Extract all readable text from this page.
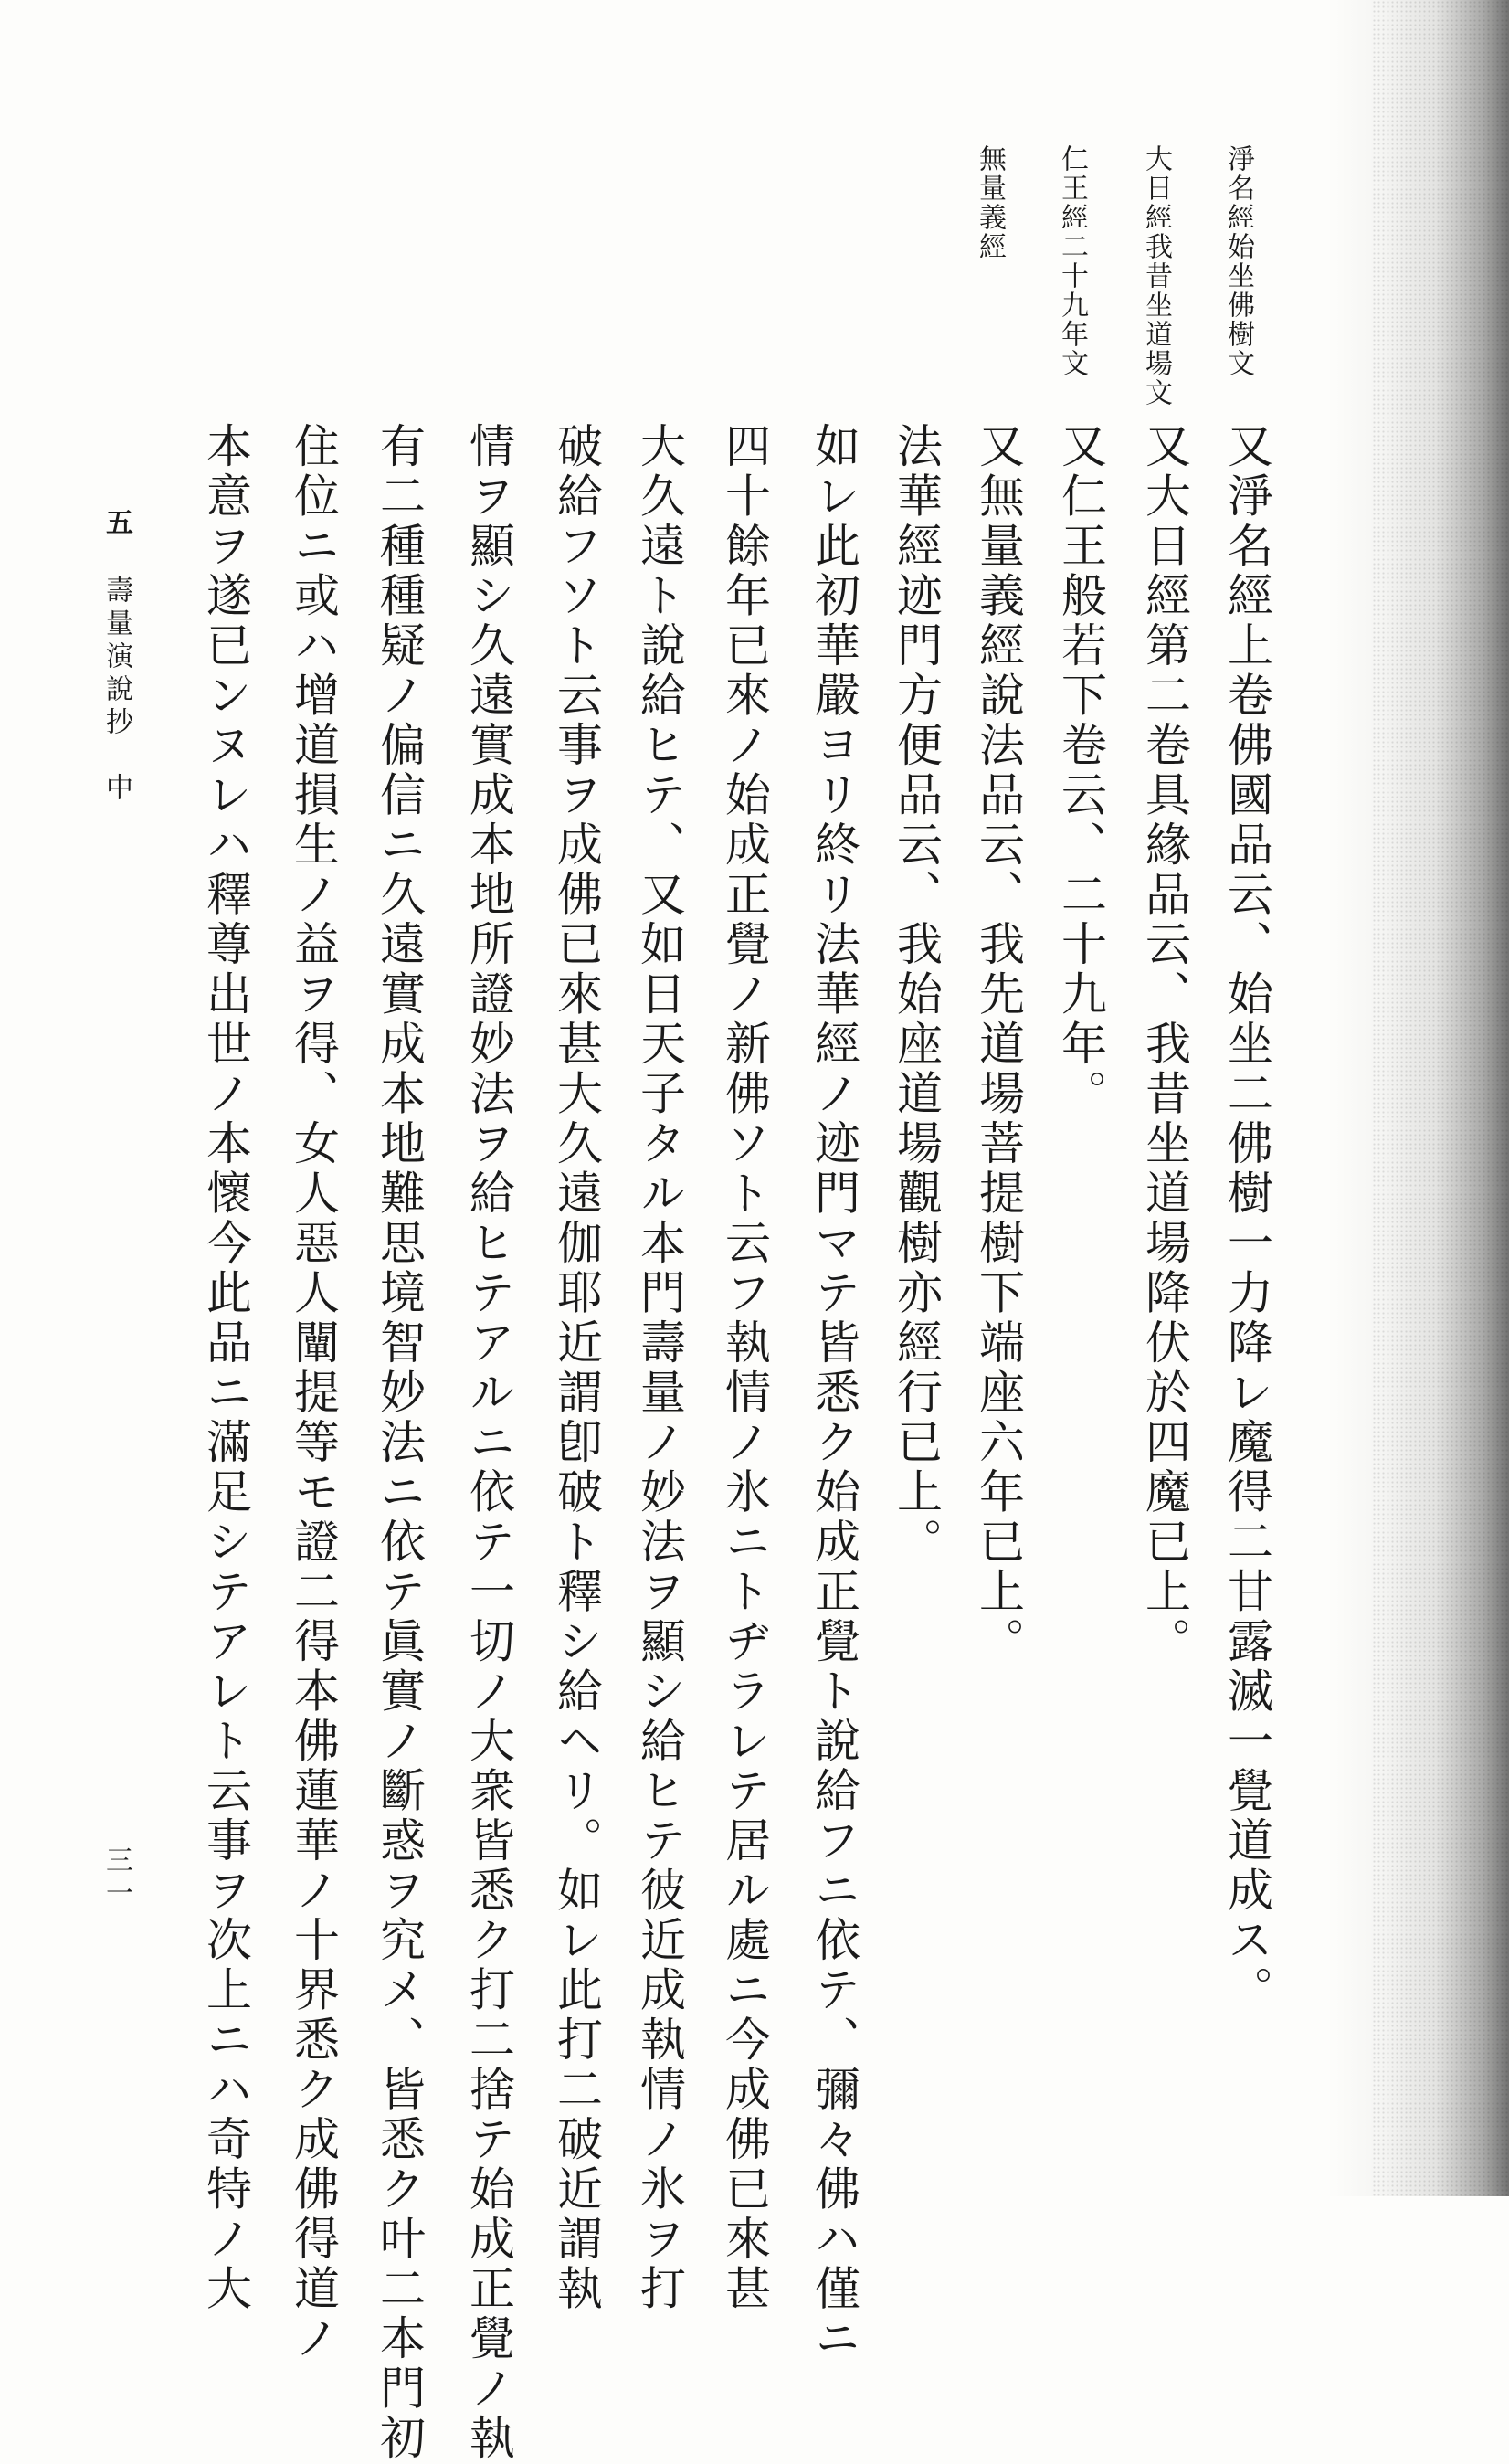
淨名經始坐佛樹文
大日經我昔坐道場文
仁王經二十九年文
無量義經
又淨名經上卷佛國品云、始坐二佛樹一力降レ魔得二甘露滅一覺道成ス。
又大日經第二卷具緣品云、我昔坐道場降伏於四魔已上。
又仁王般若下卷云、二十九年。
又無量義經說法品云、我先道場菩提樹下端座六年已上。
法華經迹門方便品云、我始座道場觀樹亦經行已上。
如レ此初華嚴ヨリ終リ法華經ノ迹門マテ皆悉ク始成正覺ト說給フニ依テ、彌々佛ハ僅ニ
四十餘年已來ノ始成正覺ノ新佛ソト云フ執情ノ氷ニトヂラレテ居ル處ニ今成佛已來甚
大久遠ト說給ヒテ、又如日天子タル本門壽量ノ妙法ヲ顯シ給ヒテ彼近成執情ノ氷ヲ打
破給フソト云事ヲ成佛已來甚大久遠伽耶近謂卽破ト釋シ給ヘリ。如レ此打二破近謂執
情ヲ顯シ久遠實成本地所證妙法ヲ給ヒテアルニ依テ一切ノ大衆皆悉ク打二捨テ始成正覺ノ執
有二種種疑ノ偏信ニ久遠實成本地難思境智妙法ニ依テ眞實ノ斷惑ヲ究メ、皆悉ク叶二本門初
住位ニ或ハ增道損生ノ益ヲ得、女人惡人闡提等モ證二得本佛蓮華ノ十界悉ク成佛得道ノ
本意ヲ遂已ンヌレハ釋尊出世ノ本懷今此品ニ滿足シテアレト云事ヲ次上ニハ奇特ノ大
五
壽量演說抄　中
三一
